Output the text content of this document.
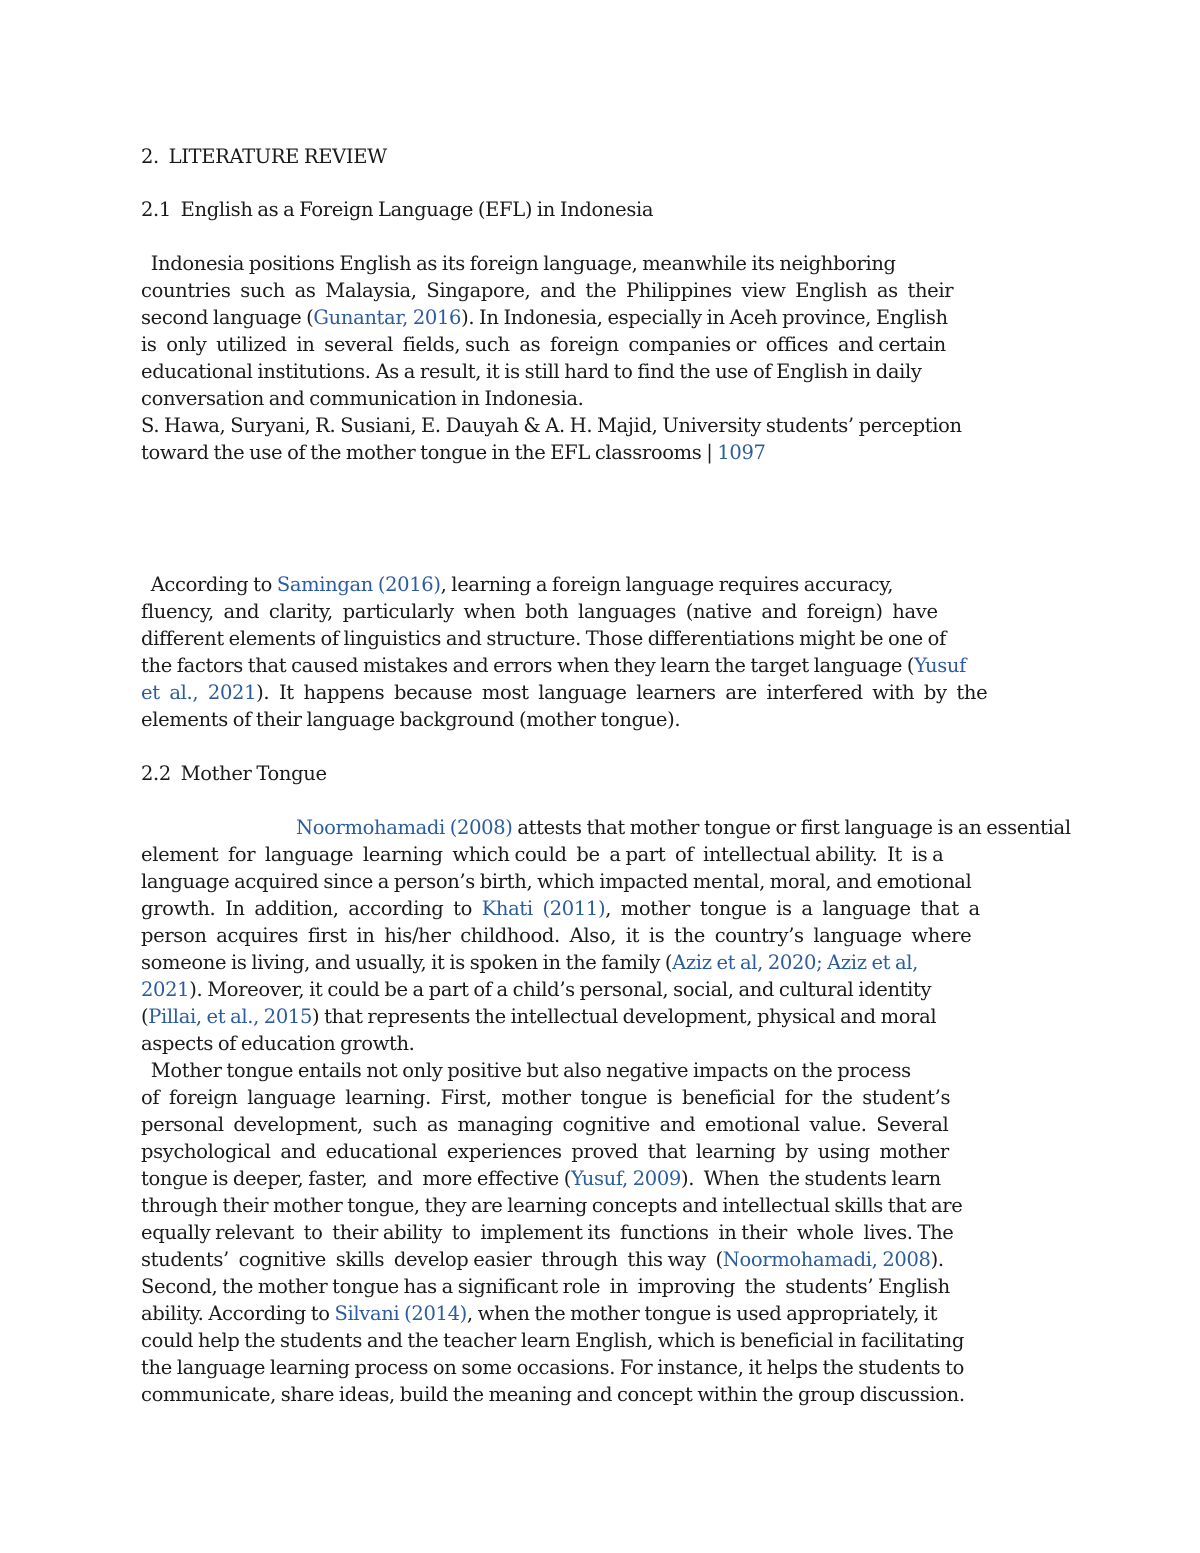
2.  LITERATURE REVIEW

2.1  English as a Foreign Language (EFL) in Indonesia

Indonesia positions English as its foreign language, meanwhile its neighboring

countries  such  as  Malaysia,  Singapore,  and  the  Philippines  view  English  as  their

second language (Gunantar, 2016). In Indonesia, especially in Aceh province, English

is  only  utilized  in  several  fields, such  as  foreign  companies or  offices  and certain

educational institutions. As a result, it is still hard to find the use of English in daily

conversation and communication in Indonesia.

S. Hawa, Suryani, R. Susiani, E. Dauyah & A. H. Majid, University students’ perception

toward the use of the mother tongue in the EFL classrooms | 1097

According to Samingan (2016), learning a foreign language requires accuracy,

fluency,  and  clarity,  particularly  when  both  languages  (native  and  foreign)  have

different elements of linguistics and structure. Those differentiations might be one of

the factors that caused mistakes and errors when they learn the target language (Yusuf

et  al.,  2021).  It  happens  because  most  language  learners  are  interfered  with  by  the

elements of their language background (mother tongue).

2.2  Mother Tongue

Noormohamadi (2008) attests that mother tongue or first language is an essential

element  for  language  learning  which could  be  a part  of  intellectual ability.  It  is a

language acquired since a person’s birth, which impacted mental, moral, and emotional

growth.  In  addition,  according  to  Khati  (2011),  mother  tongue  is  a  language  that  a

person  acquires  first  in  his/her  childhood.  Also,  it  is  the  country’s  language  where

someone is living, and usually, it is spoken in the family (Aziz et al, 2020; Aziz et al,

2021). Moreover, it could be a part of a child’s personal, social, and cultural identity

(Pillai, et al., 2015) that represents the intellectual development, physical and moral

aspects of education growth.

Mother tongue entails not only positive but also negative impacts on the process

of  foreign  language  learning.  First,  mother  tongue  is  beneficial  for  the  student’s

personal  development,  such  as  managing  cognitive  and  emotional  value.  Several

psychological  and  educational  experiences  proved  that  learning  by  using  mother

tongue is deeper, faster,  and  more effective (Yusuf, 2009).  When  the students learn

through their mother tongue, they are learning concepts and intellectual skills that are

equally relevant  to  their ability  to  implement its  functions  in their  whole  lives. The

students’  cognitive  skills  develop easier  through  this way  (Noormohamadi, 2008).

Second, the mother tongue has a significant role  in  improving  the  students’ English

ability. According to Silvani (2014), when the mother tongue is used appropriately, it

could help the students and the teacher learn English, which is beneficial in facilitating

the language learning process on some occasions. For instance, it helps the students to

communicate, share ideas, build the meaning and concept within the group discussion.
